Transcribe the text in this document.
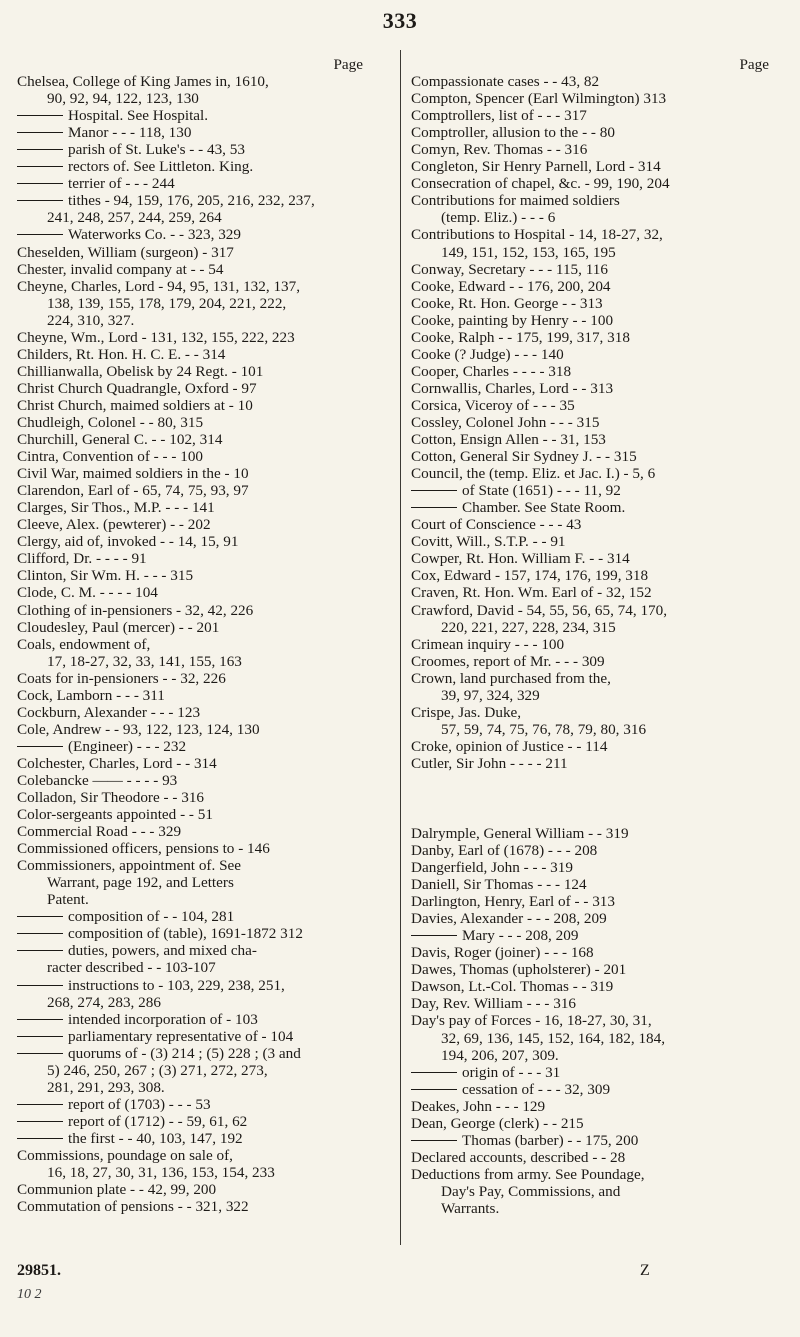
333
Page
Chelsea, College of King James in, 1610,
90, 92, 94, 122, 123, 130
Hospital. See Hospital.
Manor - - - 118, 130
parish of St. Luke's - - 43, 53
rectors of. See Littleton. King.
terrier of - - - 244
tithes - 94, 159, 176, 205, 216, 232, 237,
241, 248, 257, 244, 259, 264
Waterworks Co. - - 323, 329
Cheselden, William (surgeon) - 317
Chester, invalid company at - - 54
Cheyne, Charles, Lord - 94, 95, 131, 132, 137,
138, 139, 155, 178, 179, 204, 221, 222,
224, 310, 327.
Cheyne, Wm., Lord - 131, 132, 155, 222, 223
Childers, Rt. Hon. H. C. E. - - 314
Chillianwalla, Obelisk by 24 Regt. - 101
Christ Church Quadrangle, Oxford - 97
Christ Church, maimed soldiers at - 10
Chudleigh, Colonel - - 80, 315
Churchill, General C. - - 102, 314
Cintra, Convention of - - - 100
Civil War, maimed soldiers in the - 10
Clarendon, Earl of - 65, 74, 75, 93, 97
Clarges, Sir Thos., M.P. - - - 141
Cleeve, Alex. (pewterer) - - 202
Clergy, aid of, invoked - - 14, 15, 91
Clifford, Dr. - - - - 91
Clinton, Sir Wm. H. - - - 315
Clode, C. M. - - - - 104
Clothing of in-pensioners - 32, 42, 226
Cloudesley, Paul (mercer) - - 201
Coals, endowment of,
17, 18-27, 32, 33, 141, 155, 163
Coats for in-pensioners - - 32, 226
Cock, Lamborn - - - 311
Cockburn, Alexander - - - 123
Cole, Andrew - - 93, 122, 123, 124, 130
(Engineer) - - - 232
Colchester, Charles, Lord - - 314
Colebancke —— - - - - 93
Colladon, Sir Theodore - - 316
Color-sergeants appointed - - 51
Commercial Road - - - 329
Commissioned officers, pensions to - 146
Commissioners, appointment of. See
Warrant, page 192, and Letters
Patent.
composition of - - 104, 281
composition of (table), 1691-1872 312
duties, powers, and mixed cha-
racter described - - 103-107
instructions to - 103, 229, 238, 251,
268, 274, 283, 286
intended incorporation of - 103
parliamentary representative of - 104
quorums of - (3) 214 ; (5) 228 ; (3 and
5) 246, 250, 267 ; (3) 271, 272, 273,
281, 291, 293, 308.
report of (1703) - - - 53
report of (1712) - - 59, 61, 62
the first - - 40, 103, 147, 192
Commissions, poundage on sale of,
16, 18, 27, 30, 31, 136, 153, 154, 233
Communion plate - - 42, 99, 200
Commutation of pensions - - 321, 322
Page
Compassionate cases - - 43, 82
Compton, Spencer (Earl Wilmington) 313
Comptrollers, list of - - - 317
Comptroller, allusion to the - - 80
Comyn, Rev. Thomas - - 316
Congleton, Sir Henry Parnell, Lord - 314
Consecration of chapel, &c. - 99, 190, 204
Contributions for maimed soldiers
(temp. Eliz.) - - - 6
Contributions to Hospital - 14, 18-27, 32,
149, 151, 152, 153, 165, 195
Conway, Secretary - - - 115, 116
Cooke, Edward - - 176, 200, 204
Cooke, Rt. Hon. George - - 313
Cooke, painting by Henry - - 100
Cooke, Ralph - - 175, 199, 317, 318
Cooke (? Judge) - - - 140
Cooper, Charles - - - - 318
Cornwallis, Charles, Lord - - 313
Corsica, Viceroy of - - - 35
Cossley, Colonel John - - - 315
Cotton, Ensign Allen - - 31, 153
Cotton, General Sir Sydney J. - - 315
Council, the (temp. Eliz. et Jac. I.) - 5, 6
of State (1651) - - - 11, 92
Chamber. See State Room.
Court of Conscience - - - 43
Covitt, Will., S.T.P. - - 91
Cowper, Rt. Hon. William F. - - 314
Cox, Edward - 157, 174, 176, 199, 318
Craven, Rt. Hon. Wm. Earl of - 32, 152
Crawford, David - 54, 55, 56, 65, 74, 170,
220, 221, 227, 228, 234, 315
Crimean inquiry - - - 100
Croomes, report of Mr. - - - 309
Crown, land purchased from the,
39, 97, 324, 329
Crispe, Jas. Duke,
57, 59, 74, 75, 76, 78, 79, 80, 316
Croke, opinion of Justice - - 114
Cutler, Sir John - - - - 211
Dalrymple, General William - - 319
Danby, Earl of (1678) - - - 208
Dangerfield, John - - - 319
Daniell, Sir Thomas - - - 124
Darlington, Henry, Earl of - - 313
Davies, Alexander - - - 208, 209
Mary - - - 208, 209
Davis, Roger (joiner) - - - 168
Dawes, Thomas (upholsterer) - 201
Dawson, Lt.-Col. Thomas - - 319
Day, Rev. William - - - 316
Day's pay of Forces - 16, 18-27, 30, 31,
32, 69, 136, 145, 152, 164, 182, 184,
194, 206, 207, 309.
origin of - - - 31
cessation of - - - 32, 309
Deakes, John - - - 129
Dean, George (clerk) - - 215
Thomas (barber) - - 175, 200
Declared accounts, described - - 28
Deductions from army. See Poundage,
Day's Pay, Commissions, and
Warrants.
29851.	Z
10 2
